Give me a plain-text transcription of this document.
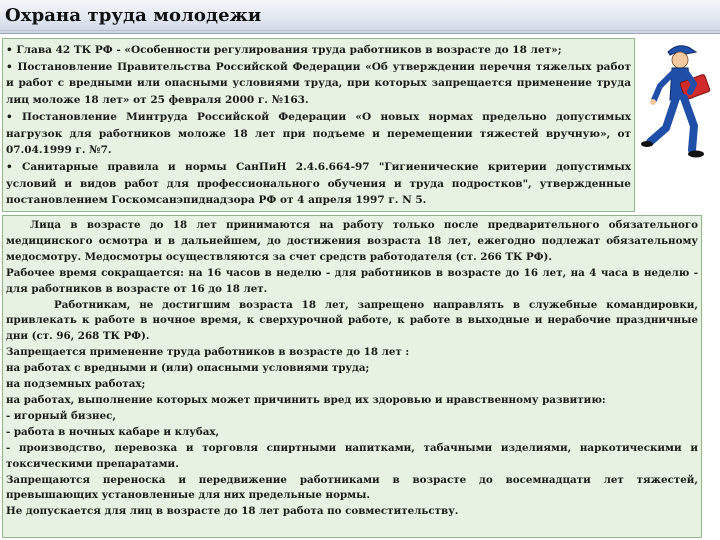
Охрана труда молодежи

• Глава 42 ТК РФ - «Особенности регулирования труда работников в возрасте до 18 лет»;

• Постановление Правительства Российской Федерации «Об утверждении перечня тяжелых работ и работ с вредными или опасными условиями труда, при которых запрещается применение труда лиц моложе 18 лет» от 25 февраля 2000 г. №163.

• Постановление Минтруда Российской Федерации «О новых нормах предельно допустимых нагрузок для работников моложе 18 лет при подъеме и перемещении тяжестей вручную», от 07.04.1999 г. №7.

• Санитарные правила и нормы СанПиН 2.4.6.664-97 "Гигиенические критерии допустимых условий и видов работ для профессионального обучения и труда подростков", утвержденные постановлением Госкомсанэпиднадзора РФ от 4 апреля 1997 г. N 5.

Лица в возрасте до 18 лет принимаются на работу только после предварительного обязательного медицинского осмотра и в дальнейшем, до достижения возраста 18 лет, ежегодно подлежат обязательному медосмотру. Медосмотры осуществляются за счет средств работодателя (ст. 266 ТК РФ).

Рабочее время сокращается: на 16 часов в неделю - для работников в возрасте до 16 лет, на 4 часа в неделю - для работников в возрасте от 16 до 18 лет.

Работникам, не достигшим возраста 18 лет, запрещено направлять в служебные командировки, привлекать к работе в ночное время, к сверхурочной работе, к работе в выходные и нерабочие праздничные дни (ст. 96, 268 ТК РФ).

Запрещается применение труда работников в возрасте до 18 лет :

на работах с вредными и (или) опасными условиями труда;

на подземных работах;

на работах, выполнение которых может причинить вред их здоровью и нравственному развитию:

- игорный бизнес,

- работа в ночных кабаре и клубах,

- производство, перевозка и торговля спиртными напитками, табачными изделиями, наркотическими и токсическими препаратами.

Запрещаются переноска и передвижение работниками в возрасте до восемнадцати лет тяжестей, превышающих установленные для них предельные нормы.

Не допускается для лиц в возрасте до 18 лет работа по совместительству.
